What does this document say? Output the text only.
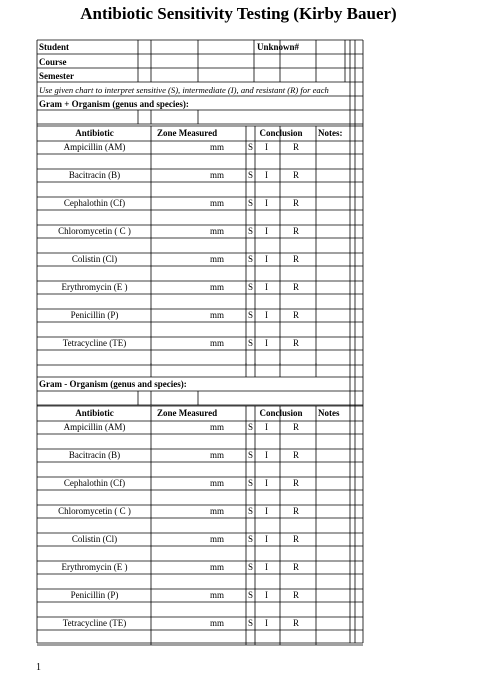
Antibiotic Sensitivity Testing (Kirby Bauer)
Student	Unknown#
Course
Semester
Use given chart to interpret sensitive (S), intermediate (I), and resistant (R) for each
Gram + Organism (genus and species):
Antibiotic	Zone Measured	Conclusion	Notes:
Ampicillin (AM)	mm	S I	R
Bacitracin (B)	mm	S I	R
Cephalothin (Cf)	mm	S I	R
Chloromycetin ( C )	mm	S I	R
Colistin (Cl)	mm	S I	R
Erythromycin (E )	mm	S I	R
Penicillin (P)	mm	S I	R
Tetracycline (TE)	mm	S I	R
Gram - Organism (genus and species):
Antibiotic	Zone Measured	Conclusion	Notes
Ampicillin (AM)	mm	S I	R
Bacitracin (B)	mm	S I	R
Cephalothin (Cf)	mm	S I	R
Chloromycetin ( C )	mm	S I	R
Colistin (Cl)	mm	S I	R
Erythromycin (E )	mm	S I	R
Penicillin (P)	mm	S I	R
Tetracycline (TE)	mm	S I	R
1
